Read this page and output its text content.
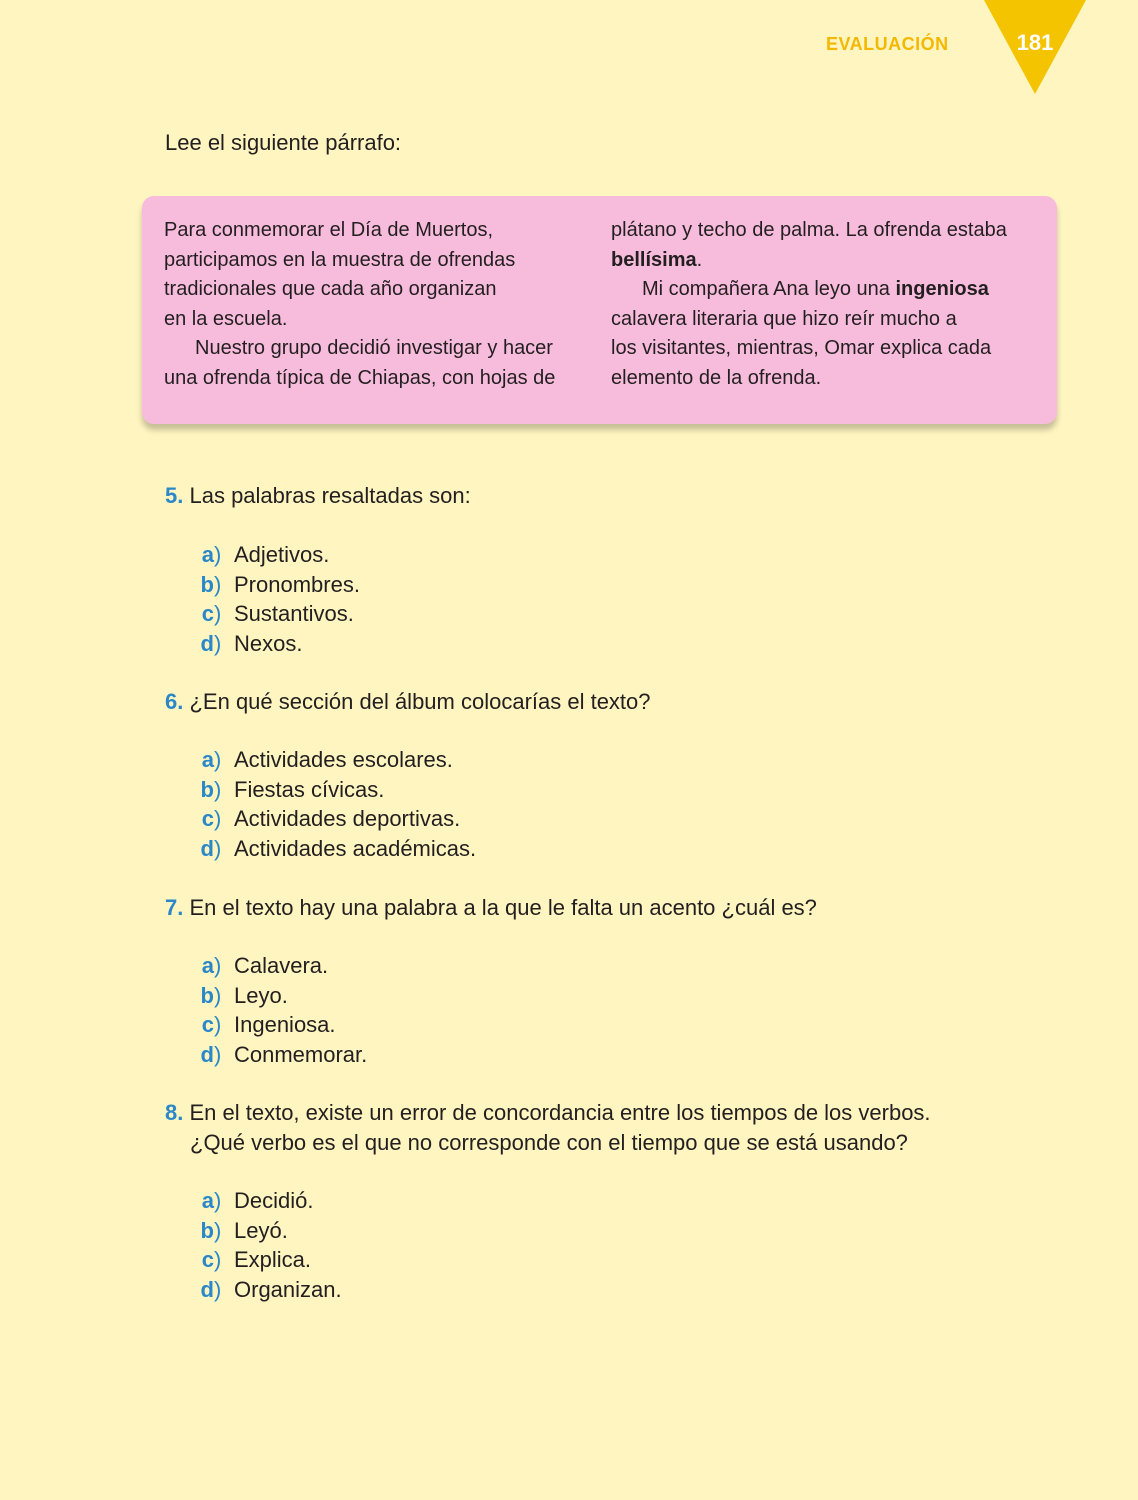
EVALUACIÓN	181
Lee el siguiente párrafo:

Para conmemorar el Día de Muertos,

participamos en la muestra de ofrendas

tradicionales que cada año organizan

en la escuela.

Nuestro grupo decidió investigar y hacer

una ofrenda típica de Chiapas, con hojas de

plátano y techo de palma. La ofrenda estaba

bellísima.

Mi compañera Ana leyo una ingeniosa

calavera literaria que hizo reír mucho a

los visitantes, mientras, Omar explica cada

elemento de la ofrenda.

5. Las palabras resaltadas son:
a ) Adjetivos.
b ) Pronombres.
c ) Sustantivos.
d ) Nexos.
6. ¿En qué sección del álbum colocarías el texto?
a ) Actividades escolares.
b ) Fiestas cívicas.
c ) Actividades deportivas.
d ) Actividades académicas.
7. En el texto hay una palabra a la que le falta un acento ¿cuál es?
a ) Calavera.
b ) Leyo.
c ) Ingeniosa.
d ) Conmemorar.
8. En el texto, existe un error de concordancia entre los tiempos de los verbos.
¿Qué verbo es el que no corresponde con el tiempo que se está usando?
a ) Decidió.
b ) Leyó.
c ) Explica.
d ) Organizan.
